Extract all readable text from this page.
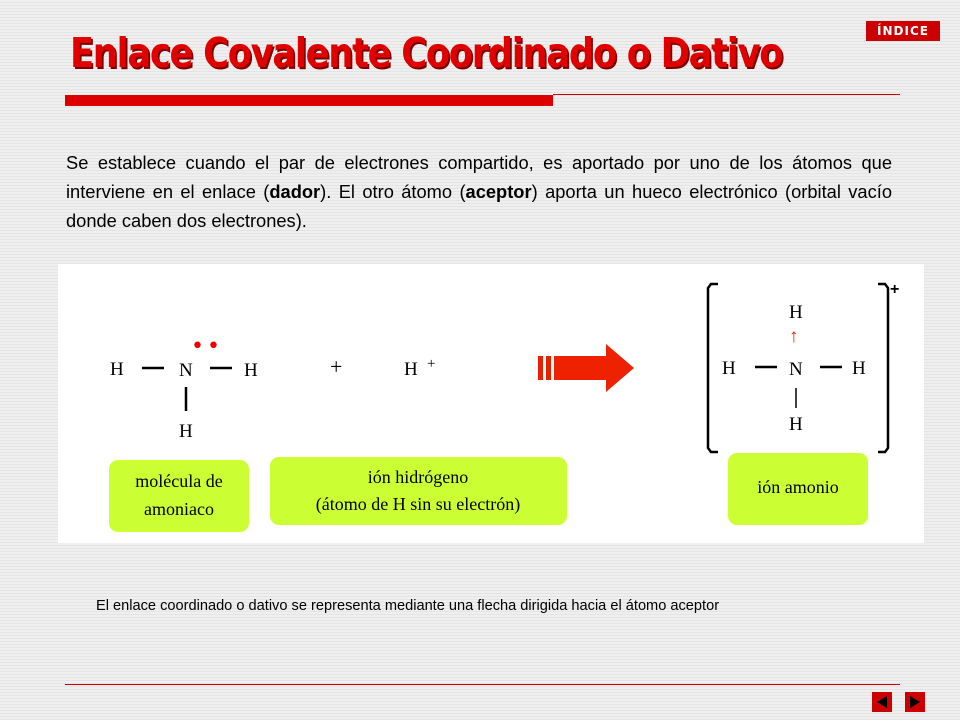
ÍNDICE
Enlace Covalente Coordinado o Dativo

Se establece cuando el par de electrones compartido, es aportado por uno de los átomos que interviene en el enlace (dador). El otro átomo (aceptor) aporta un hueco electrónico (orbital vacío donde caben dos electrones).

••
H	N	H
H
+	H +
+
H
↑
H	N	H
H
molécula de
amoniaco
ión hidrógeno
(átomo de H sin su electrón)
ión amonio

El enlace coordinado o dativo se representa mediante una flecha dirigida hacia el átomo aceptor
